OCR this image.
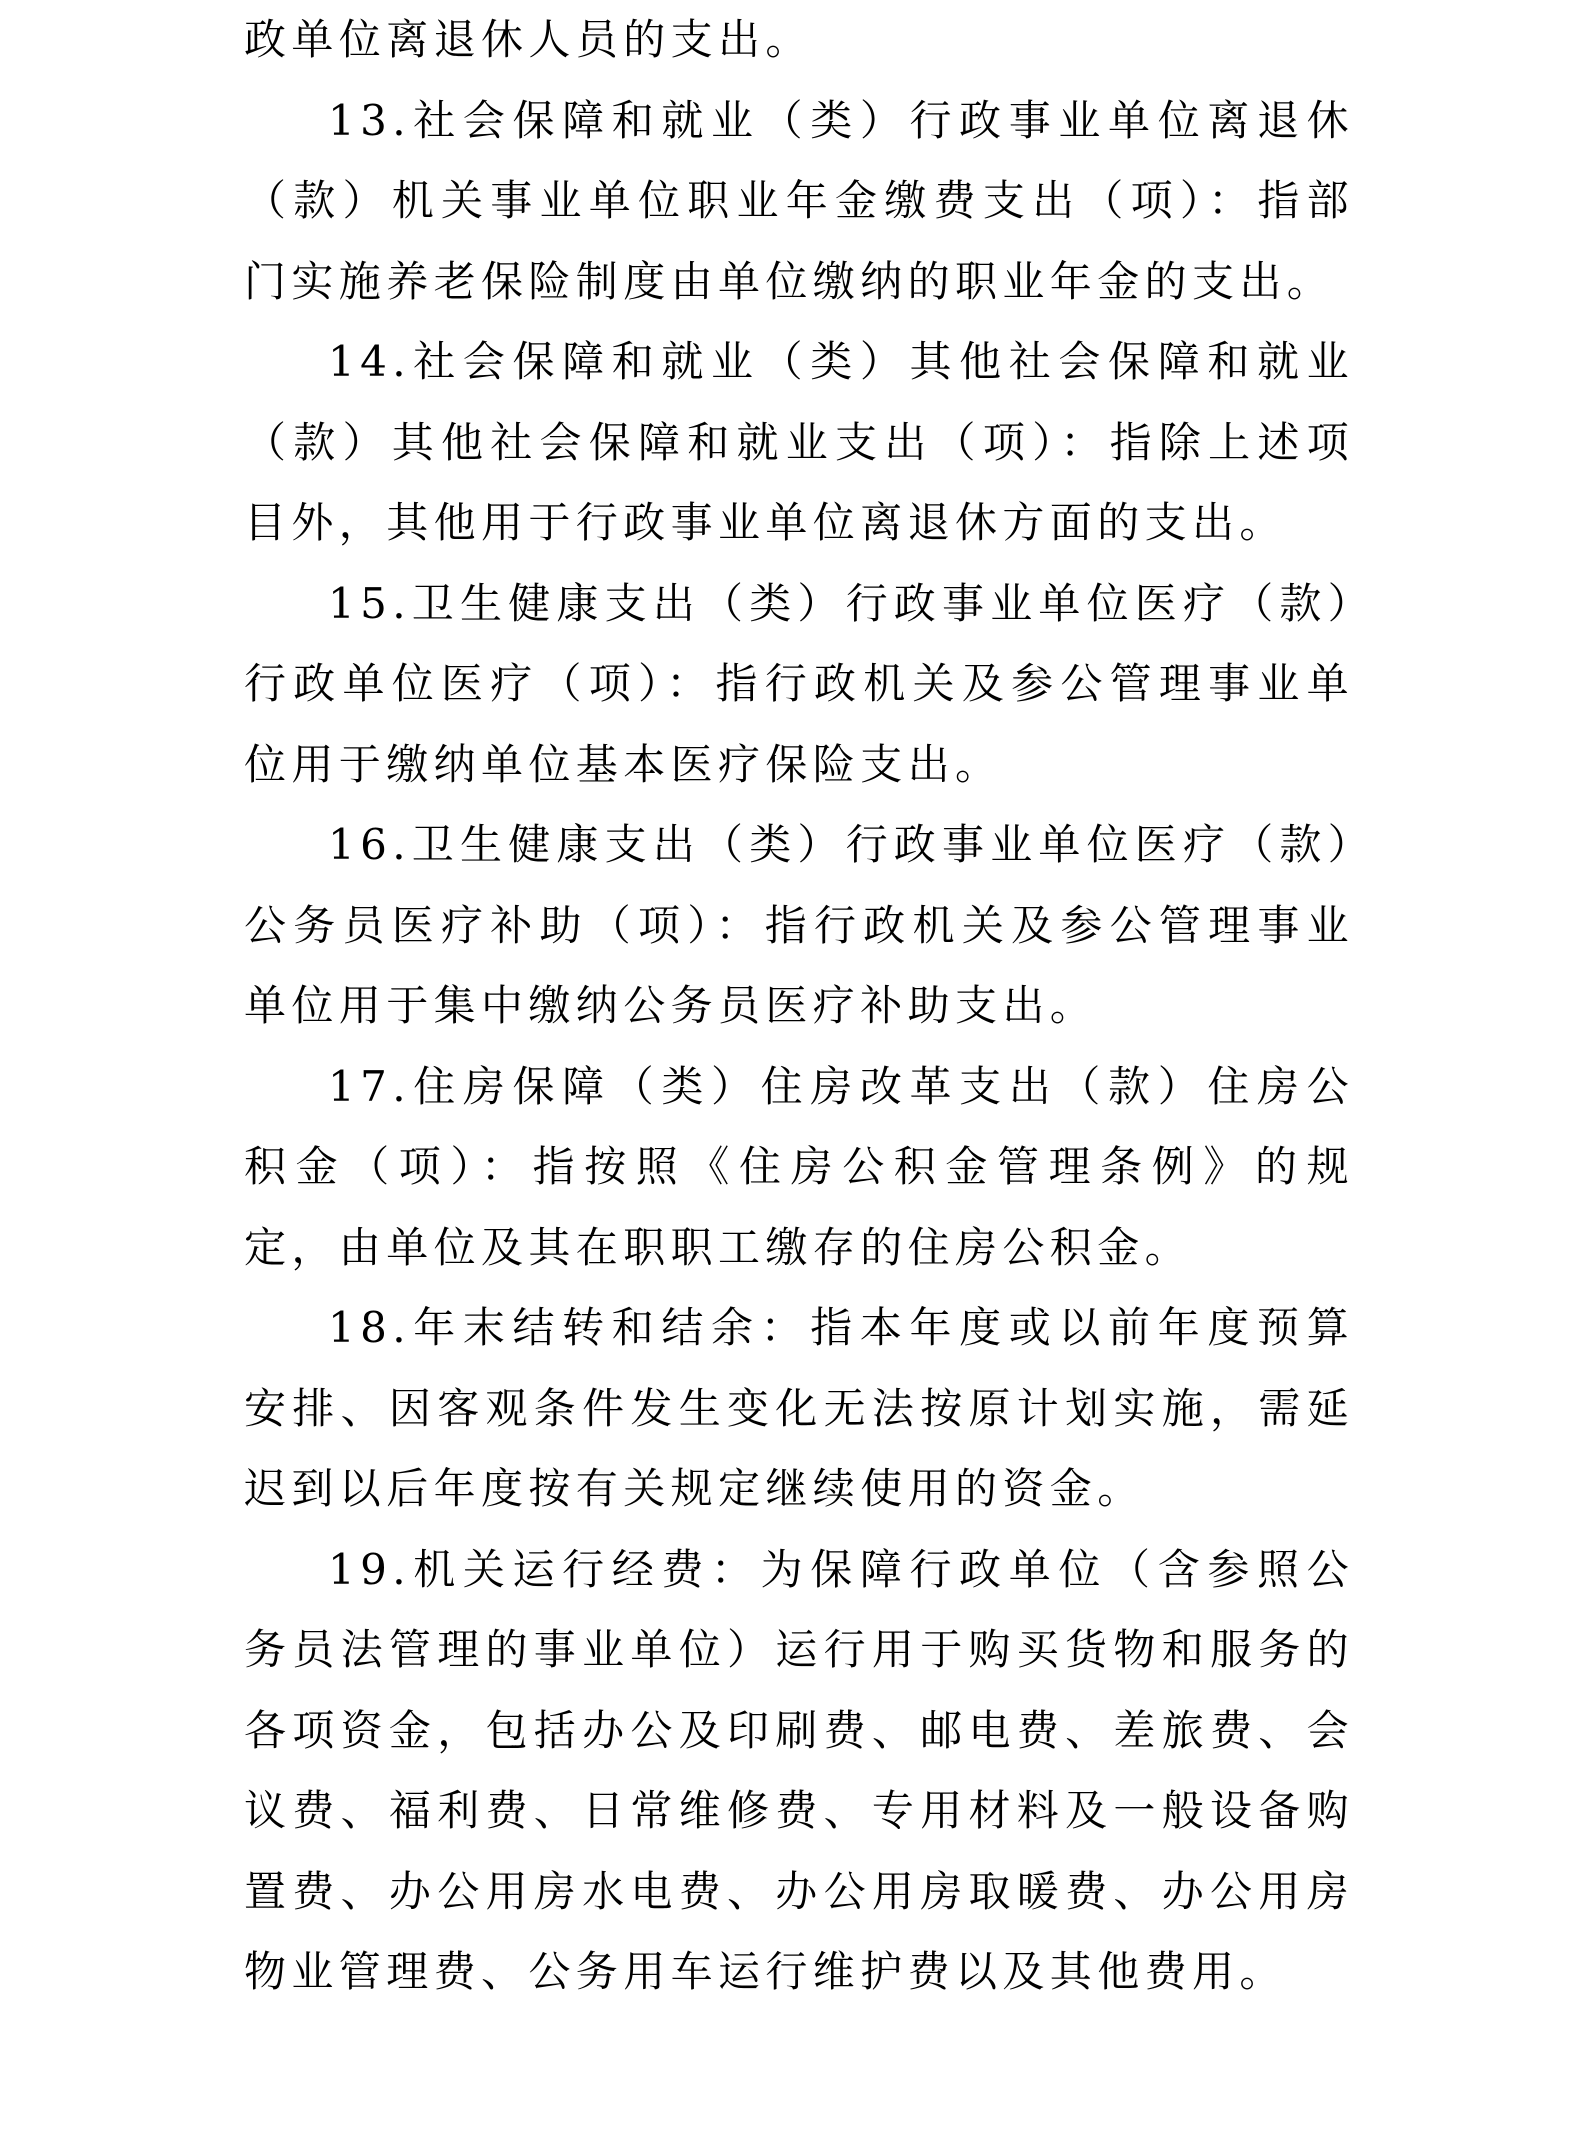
政单位离退休人员的支出。

13.社会保障和就业（类）行政事业单位离退休（款）机关事业单位职业年金缴费支出（项）：指部门实施养老保险制度由单位缴纳的职业年金的支出。

14.社会保障和就业（类）其他社会保障和就业（款）其他社会保障和就业支出（项）：指除上述项目外，其他用于行政事业单位离退休方面的支出。

15.卫生健康支出（类）行政事业单位医疗（款）行政单位医疗（项）：指行政机关及参公管理事业单位用于缴纳单位基本医疗保险支出。

16.卫生健康支出（类）行政事业单位医疗（款）公务员医疗补助（项）：指行政机关及参公管理事业单位用于集中缴纳公务员医疗补助支出。

17.住房保障（类）住房改革支出（款）住房公积金（项）：指按照《住房公积金管理条例》的规定，由单位及其在职职工缴存的住房公积金。

18.年末结转和结余：指本年度或以前年度预算安排、因客观条件发生变化无法按原计划实施，需延迟到以后年度按有关规定继续使用的资金。

19.机关运行经费：为保障行政单位（含参照公务员法管理的事业单位）运行用于购买货物和服务的各项资金，包括办公及印刷费、邮电费、差旅费、会议费、福利费、日常维修费、专用材料及一般设备购置费、办公用房水电费、办公用房取暖费、办公用房物业管理费、公务用车运行维护费以及其他费用。
